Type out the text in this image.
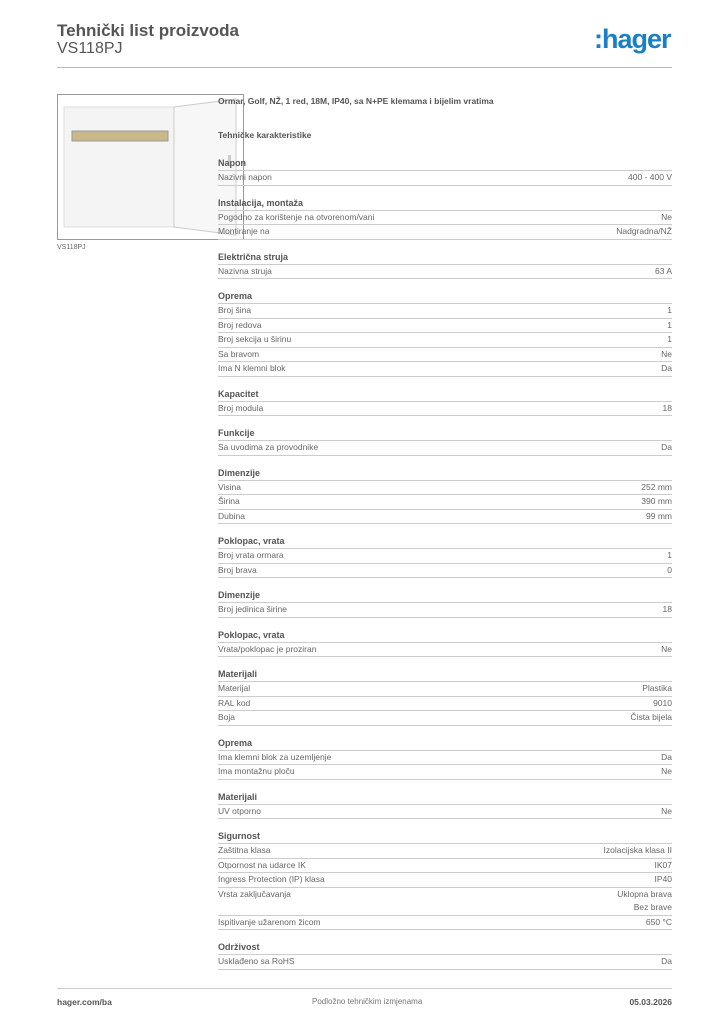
Tehnički list proizvoda
VS118PJ	:hager
VS118PJ
Ormar, Golf, NŽ, 1 red, 18M, IP40, sa N+PE klemama i bijelim vratima
Tehničke karakteristike
Napon
Nazivni napon	400 - 400 V
Instalacija, montaža
Pogodno za korištenje na otvorenom/vani	Ne
Montiranje na	Nadgradna/NŽ
Električna struja
Nazivna struja	63 A
Oprema
Broj šina	1
Broj redova	1
Broj sekcija u širinu	1
Sa bravom	Ne
Ima N klemni blok	Da
Kapacitet
Broj modula	18
Funkcije
Sa uvodima za provodnike	Da
Dimenzije
Visina	252 mm
Širina	390 mm
Dubina	99 mm
Poklopac, vrata
Broj vrata ormara	1
Broj brava	0
Dimenzije
Broj jedinica širine	18
Poklopac, vrata
Vrata/poklopac je proziran	Ne
Materijali
Materijal	Plastika
RAL kod	9010
Boja	Čista bijela
Oprema
Ima klemni blok za uzemljenje	Da
Ima montažnu ploču	Ne
Materijali
UV otporno	Ne
Sigurnost
Zaštitna klasa	Izolacijska klasa II
Otpornost na udarce IK	IK07
Ingress Protection (IP) klasa	IP40
Vrsta zaključavanja	Uklopna brava
Bez brave
Ispitivanje užarenom žicom	650 °C
Održivost
Usklađeno sa RoHS	Da
hager.com/ba	Podložno tehničkim izmjenama	05.03.2026
